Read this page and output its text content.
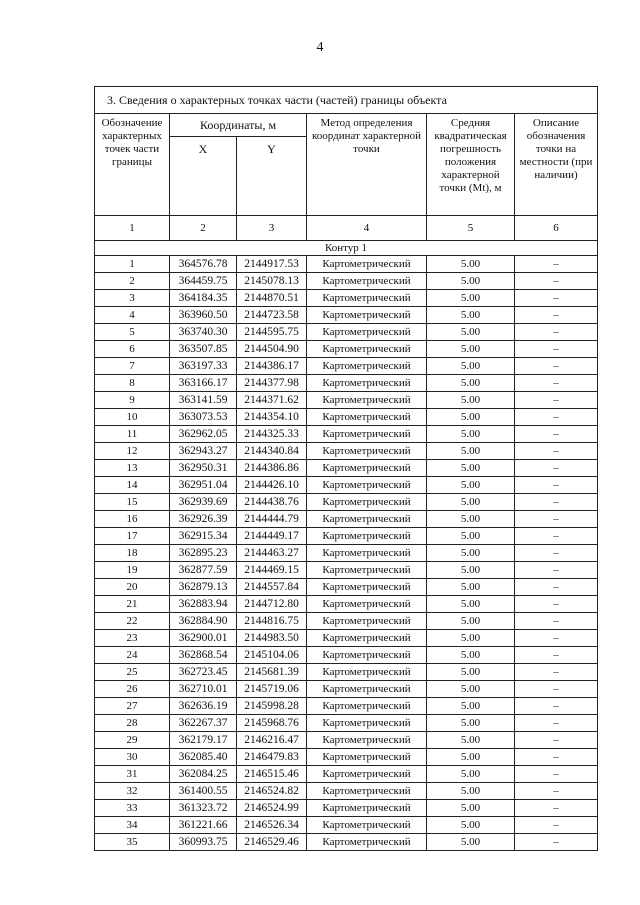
4
3. Сведения о характерных точках части (частей) границы объекта					
Обозначение характерных точек части границы	Координаты, м		Метод определения координат характерной точки	Средняя квадратическая погрешность положения характерной точки (Mt), м	Описание обозначения точки на местности (при наличии)
	X	Y			
1	2	3	4	5	6
Контур 1					
1	364576.78	2144917.53	Картометрический	5.00	–
2	364459.75	2145078.13	Картометрический	5.00	–
3	364184.35	2144870.51	Картометрический	5.00	–
4	363960.50	2144723.58	Картометрический	5.00	–
5	363740.30	2144595.75	Картометрический	5.00	–
6	363507.85	2144504.90	Картометрический	5.00	–
7	363197.33	2144386.17	Картометрический	5.00	–
8	363166.17	2144377.98	Картометрический	5.00	–
9	363141.59	2144371.62	Картометрический	5.00	–
10	363073.53	2144354.10	Картометрический	5.00	–
11	362962.05	2144325.33	Картометрический	5.00	–
12	362943.27	2144340.84	Картометрический	5.00	–
13	362950.31	2144386.86	Картометрический	5.00	–
14	362951.04	2144426.10	Картометрический	5.00	–
15	362939.69	2144438.76	Картометрический	5.00	–
16	362926.39	2144444.79	Картометрический	5.00	–
17	362915.34	2144449.17	Картометрический	5.00	–
18	362895.23	2144463.27	Картометрический	5.00	–
19	362877.59	2144469.15	Картометрический	5.00	–
20	362879.13	2144557.84	Картометрический	5.00	–
21	362883.94	2144712.80	Картометрический	5.00	–
22	362884.90	2144816.75	Картометрический	5.00	–
23	362900.01	2144983.50	Картометрический	5.00	–
24	362868.54	2145104.06	Картометрический	5.00	–
25	362723.45	2145681.39	Картометрический	5.00	–
26	362710.01	2145719.06	Картометрический	5.00	–
27	362636.19	2145998.28	Картометрический	5.00	–
28	362267.37	2145968.76	Картометрический	5.00	–
29	362179.17	2146216.47	Картометрический	5.00	–
30	362085.40	2146479.83	Картометрический	5.00	–
31	362084.25	2146515.46	Картометрический	5.00	–
32	361400.55	2146524.82	Картометрический	5.00	–
33	361323.72	2146524.99	Картометрический	5.00	–
34	361221.66	2146526.34	Картометрический	5.00	–
35	360993.75	2146529.46	Картометрический	5.00	–
